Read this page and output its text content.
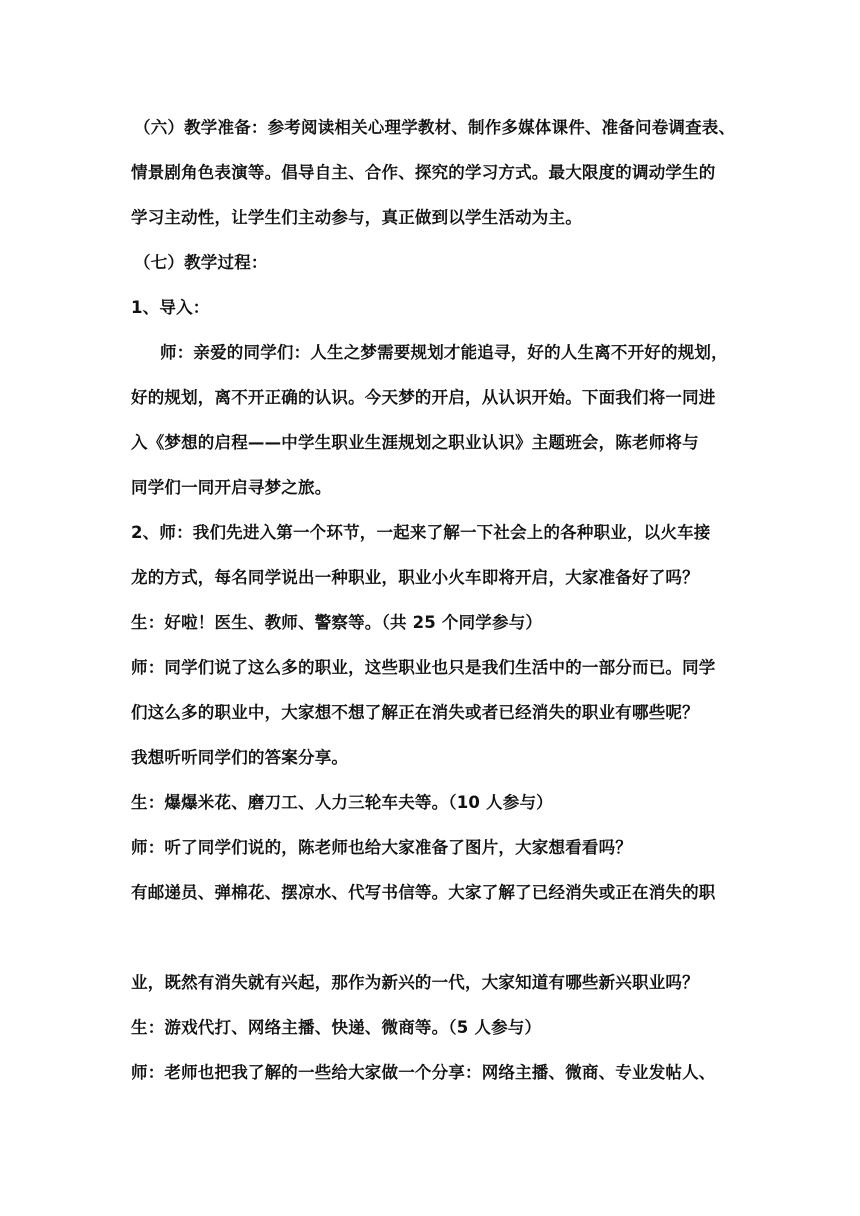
（六）教学准备：参考阅读相关心理学教材、制作多媒体课件、准备问卷调查表、
情景剧角色表演等。倡导自主、合作、探究的学习方式。最大限度的调动学生的
学习主动性，让学生们主动参与，真正做到以学生活动为主。
（七）教学过程：
1、导入：
师：亲爱的同学们：人生之梦需要规划才能追寻，好的人生离不开好的规划，
好的规划，离不开正确的认识。今天梦的开启，从认识开始。下面我们将一同进
入《梦想的启程——中学生职业生涯规划之职业认识》主题班会，陈老师将与
同学们一同开启寻梦之旅。
2、师：我们先进入第一个环节，一起来了解一下社会上的各种职业，以火车接
龙的方式，每名同学说出一种职业，职业小火车即将开启，大家准备好了吗？
生：好啦！医生、教师、警察等。（共 25 个同学参与）
师：同学们说了这么多的职业，这些职业也只是我们生活中的一部分而已。同学
们这么多的职业中，大家想不想了解正在消失或者已经消失的职业有哪些呢？
我想听听同学们的答案分享。
生：爆爆米花、磨刀工、人力三轮车夫等。（10 人参与）
师：听了同学们说的，陈老师也给大家准备了图片，大家想看看吗？
有邮递员、弹棉花、摆凉水、代写书信等。大家了解了已经消失或正在消失的职
业，既然有消失就有兴起，那作为新兴的一代，大家知道有哪些新兴职业吗？
生：游戏代打、网络主播、快递、微商等。（5 人参与）
师：老师也把我了解的一些给大家做一个分享：网络主播、微商、专业发帖人、
